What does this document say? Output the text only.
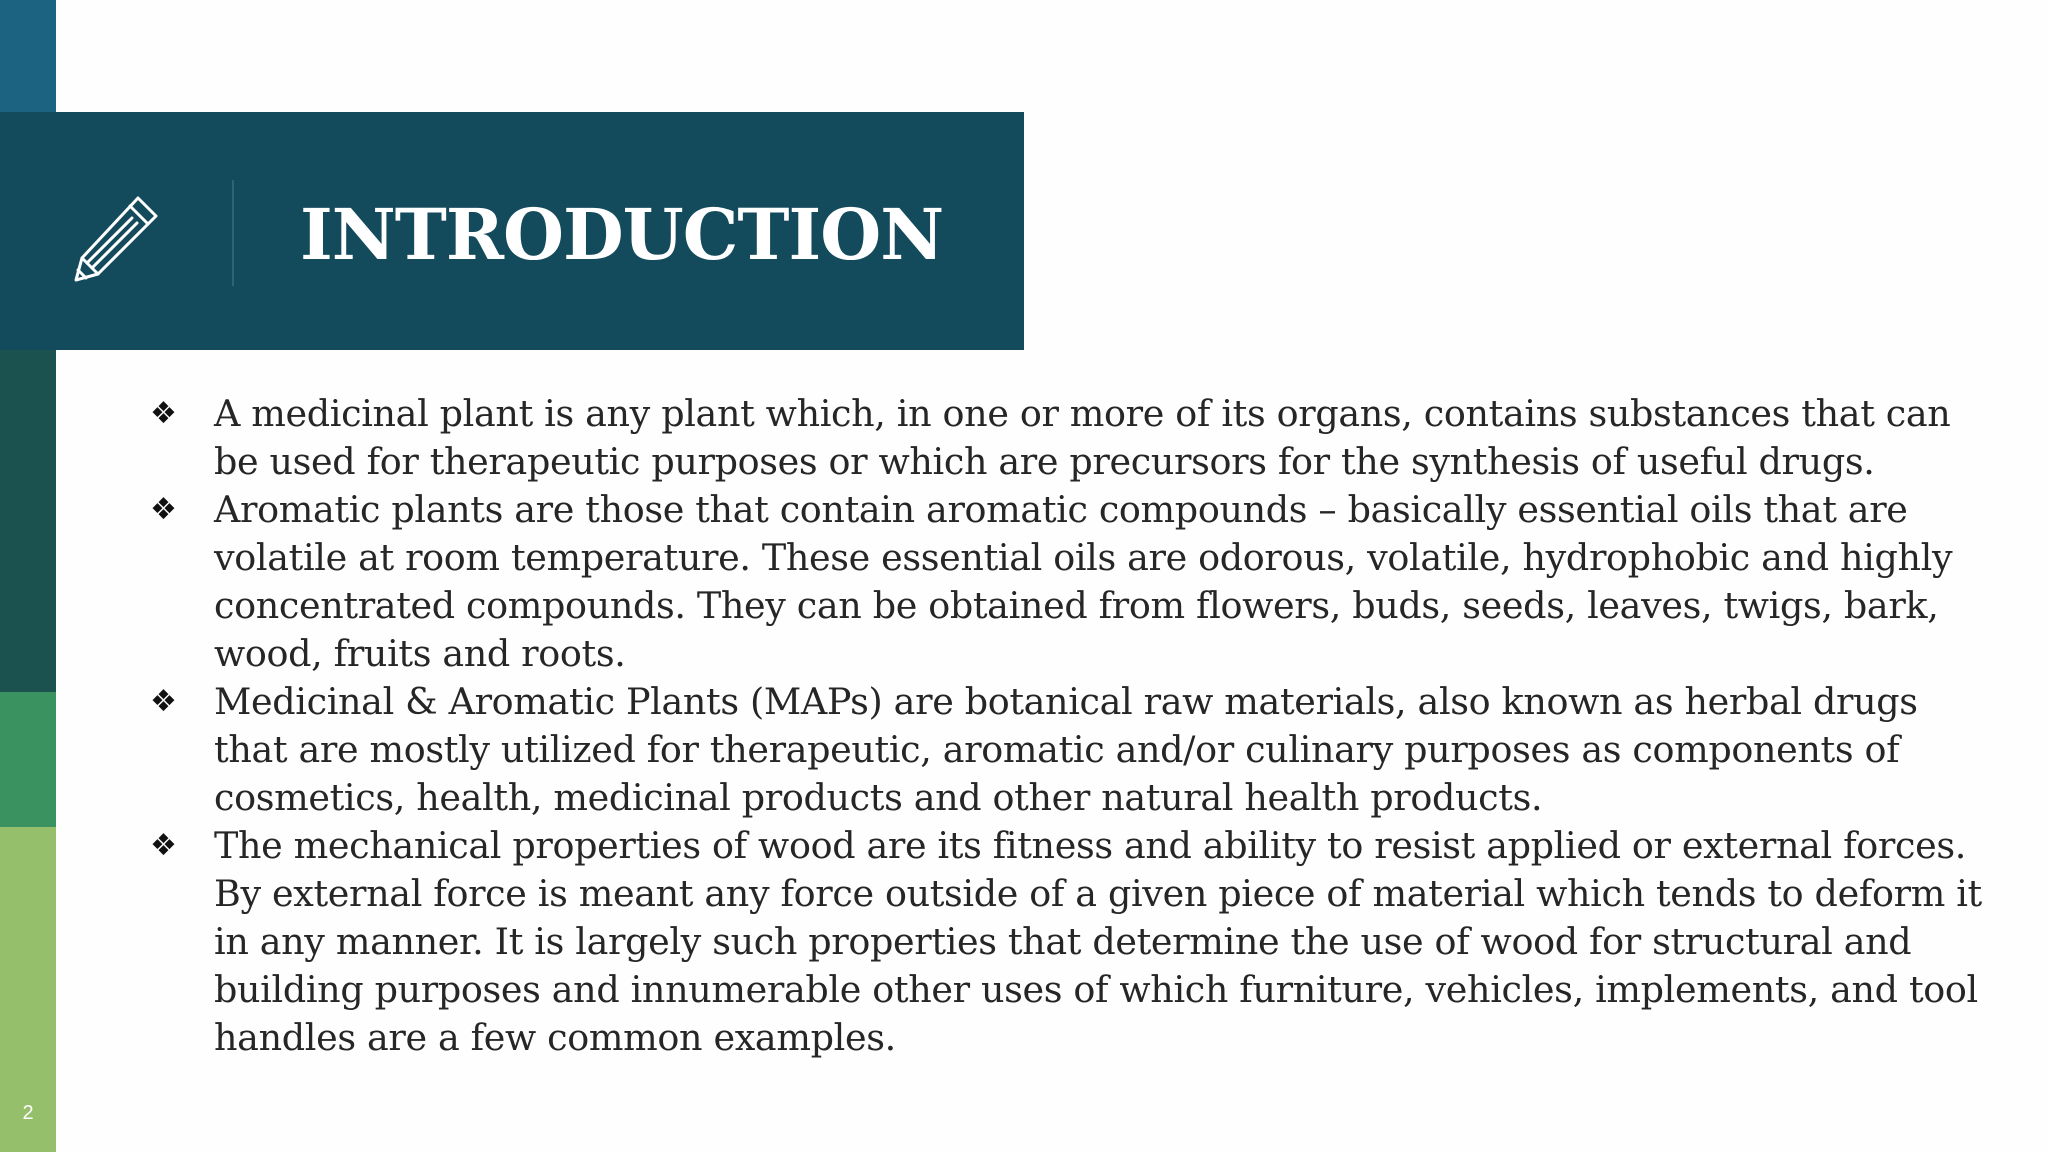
2
INTRODUCTION
❖	A medicinal plant is any plant which, in one or more of its organs, contains substances that can be used for therapeutic purposes or which are precursors for the synthesis of useful drugs.
❖	Aromatic plants are those that contain aromatic compounds – basically essential oils that are volatile at room temperature. These essential oils are odorous, volatile, hydrophobic and highly concentrated compounds. They can be obtained from flowers, buds, seeds, leaves, twigs, bark, wood, fruits and roots.
❖	Medicinal & Aromatic Plants (MAPs) are botanical raw materials, also known as herbal drugs that are mostly utilized for therapeutic, aromatic and/or culinary purposes as components of cosmetics, health, medicinal products and other natural health products.
❖	The mechanical properties of wood are its fitness and ability to resist applied or external forces. By external force is meant any force outside of a given piece of material which tends to deform it in any manner. It is largely such properties that determine the use of wood for structural and building purposes and innumerable other uses of which furniture, vehicles, implements, and tool handles are a few common examples.
